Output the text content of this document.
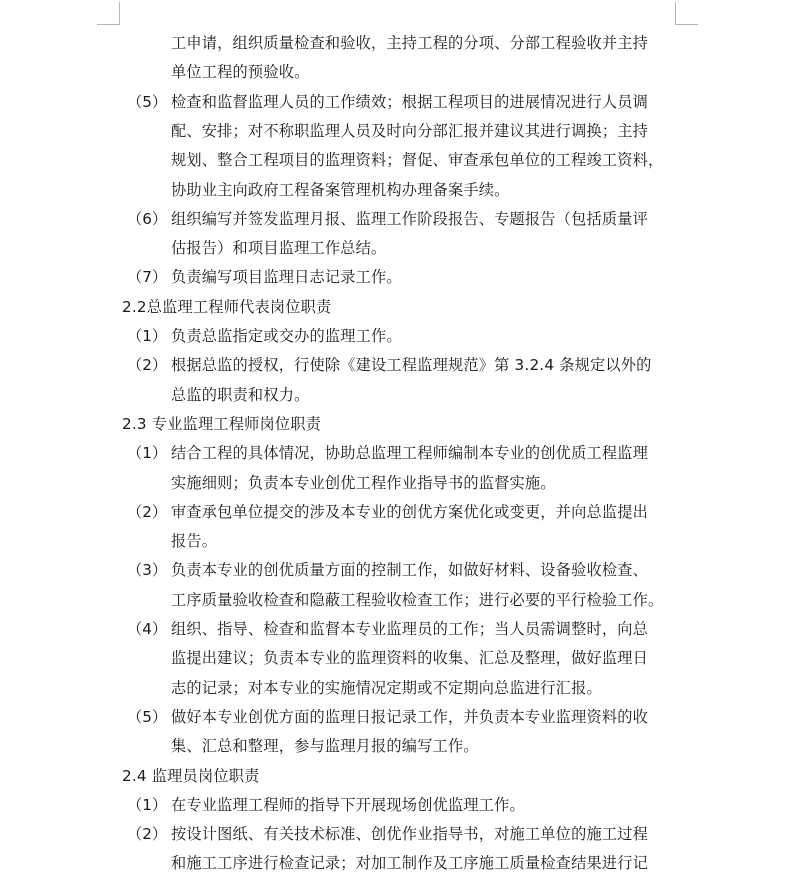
工申请，组织质量检查和验收，主持工程的分项、分部工程验收并主持
单位工程的预验收。
（5） 检查和监督监理人员的工作绩效；根据工程项目的进展情况进行人员调
配、安排；对不称职监理人员及时向分部汇报并建议其进行调换；主持
规划、整合工程项目的监理资料；督促、审查承包单位的工程竣工资料，
协助业主向政府工程备案管理机构办理备案手续。
（6） 组织编写并签发监理月报、监理工作阶段报告、专题报告（包括质量评
估报告）和项目监理工作总结。
（7） 负责编写项目监理日志记录工作。
2.2总监理工程师代表岗位职责
（1） 负责总监指定或交办的监理工作。
（2） 根据总监的授权，行使除《建设工程监理规范》第 3.2.4 条规定以外的
总监的职责和权力。
2.3 专业监理工程师岗位职责
（1） 结合工程的具体情况，协助总监理工程师编制本专业的创优质工程监理
实施细则；负责本专业创优工程作业指导书的监督实施。
（2） 审查承包单位提交的涉及本专业的创优方案优化或变更，并向总监提出
报告。
（3） 负责本专业的创优质量方面的控制工作，如做好材料、设备验收检查、
工序质量验收检查和隐蔽工程验收检查工作；进行必要的平行检验工作。
（4） 组织、指导、检查和监督本专业监理员的工作；当人员需调整时，向总
监提出建议；负责本专业的监理资料的收集、汇总及整理，做好监理日
志的记录；对本专业的实施情况定期或不定期向总监进行汇报。
（5） 做好本专业创优方面的监理日报记录工作，并负责本专业监理资料的收
集、汇总和整理，参与监理月报的编写工作。
2.4 监理员岗位职责
（1） 在专业监理工程师的指导下开展现场创优监理工作。
（2） 按设计图纸、有关技术标准、创优作业指导书，对施工单位的施工过程
和施工工序进行检查记录；对加工制作及工序施工质量检查结果进行记
